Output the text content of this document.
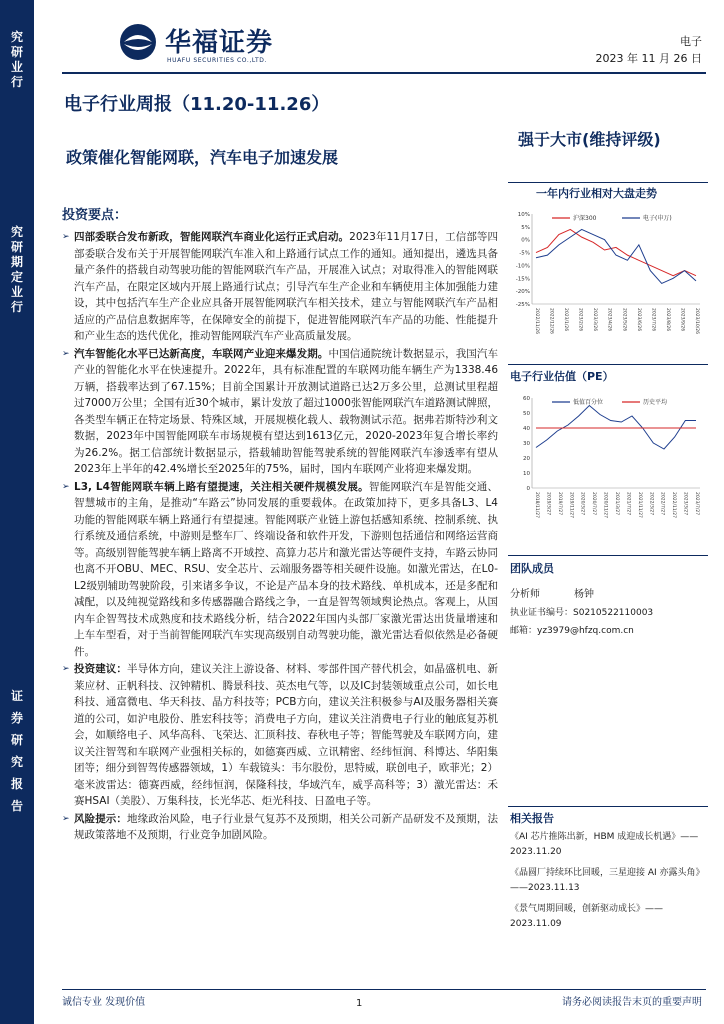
究
研
业
行
究
研
期
定
业
行
证
券
研
究
报
告
华福证券
HUAFU SECURITIES CO.,LTD.
电子
2023 年 11 月 26 日
电子行业周报（11.20-11.26）
政策催化智能网联，汽车电子加速发展
强于大市(维持评级)
投资要点：
➢ 四部委联合发布新政，智能网联汽车商业化运行正式启动。2023年11月17日，工信部等四部委联合发布关于开展智能网联汽车准入和上路通行试点工作的通知。通知提出，遴选具备量产条件的搭载自动驾驶功能的智能网联汽车产品，开展准入试点；对取得准入的智能网联汽车产品，在限定区域内开展上路通行试点；引导汽车生产企业和车辆使用主体加强能力建设，其中包括汽车生产企业应具备开展智能网联汽车相关技术，建立与智能网联汽车产品相适应的产品信息数据库等，在保障安全的前提下，促进智能网联汽车产品的功能、性能提升和产业生态的迭代优化，推动智能网联汽车产业高质量发展。
➢ 汽车智能化水平已达新高度，车联网产业迎来爆发期。中国信通院统计数据显示，我国汽车产业的智能化水平在快速提升。2022年，具有标准配置的车联网功能车辆生产为1338.46万辆，搭载率达到了67.15%；目前全国累计开放测试道路已达2万多公里，总测试里程超过7000万公里；全国有近30个城市，累计发放了超过1000张智能网联汽车道路测试牌照，各类型车辆正在特定场景、特殊区域，开展规模化载人、载物测试示范。据弗若斯特沙利文数据，2023年中国智能网联车市场规模有望达到1613亿元，2020-2023年复合增长率约为26.2%。据工信部统计数据显示，搭载辅助智能驾驶系统的智能网联汽车渗透率有望从2023年上半年的42.4%增长至2025年的75%，届时，国内车联网产业将迎来爆发期。
➢ L3, L4智能网联车辆上路有望提速，关注相关硬件规模发展。智能网联汽车是智能交通、智慧城市的主角，是推动“车路云”协同发展的重要载体。在政策加持下，更多具备L3、L4功能的智能网联车辆上路通行有望提速。智能网联产业链上游包括感知系统、控制系统、执行系统及通信系统，中游则是整车厂、终端设备和软件开发，下游则包括通信和网络运营商等。高级别智能驾驶车辆上路离不开域控、高算力芯片和激光雷达等硬件支持，车路云协同也离不开OBU、MEC、RSU、安全芯片、云端服务器等相关硬件设施。如激光雷达，在L0-L2级别辅助驾驶阶段，引来诸多争议，不论是产品本身的技术路线、单机成本，还是多配和减配，以及纯视觉路线和多传感器融合路线之争，一直是智驾领域舆论热点。客观上，从国内车企智驾技术成熟度和技术路线分析，结合2022年国内头部厂家激光雷达出货量增速和上车车型看，对于当前智能网联汽车实现高级别自动驾驶功能，激光雷达看似依然是必备硬件。
➢ 投资建议：半导体方向，建议关注上游设备、材料、零部件国产替代机会，如晶盛机电、新莱应材、正帆科技、汉钟精机、腾景科技、英杰电气等，以及IC封装领域重点公司，如长电科技、通富微电、华天科技、晶方科技等；PCB方向，建议关注积极参与AI及服务器相关赛道的公司，如沪电股份、胜宏科技等；消费电子方向，建议关注消费电子行业的触底复苏机会，如顺络电子、风华高科、飞荣达、汇顶科技、春秋电子等；智能驾驶及车联网方向，建议关注智驾和车联网产业强相关标的，如德赛西威、立讯精密、经纬恒润、科博达、华阳集团等；细分到智驾传感器领域，1）车载镜头：韦尔股份，思特威，联创电子，欧菲光；2）毫米波雷达：德赛西威，经纬恒润，保隆科技，华域汽车，威孚高科等；3）激光雷达：禾赛HSAI（美股）、万集科技，长光华芯、炬光科技、日盈电子等。
➢ 风险提示：地缘政治风险，电子行业景气复苏不及预期，相关公司新产品研发不及预期，法规政策落地不及预期，行业竞争加剧风险。
一年内行业相对大盘走势
10%
5%
0%
-5%
-10%
-15%
-20%
-25%
2022/11/26 2022/12/26 2023/1/26 2023/2/26 2023/3/26 2023/4/26 2023/5/26 2023/6/26 2023/7/26 2023/8/26 2023/9/26 2023/10/26
沪深300	电子(申万)
电子行业估值（PE）
60
50
40
30
20
10
0
2018/11/27 2019/3/27 2019/7/27 2019/11/27 2020/3/27 2020/7/27 2020/11/27 2021/3/27 2021/7/27 2021/11/27 2022/3/27 2022/7/27 2022/11/27 2023/3/27 2023/7/27
低值百分位	历史平均
团队成员
分析师	杨钟
执业证书编号：S0210522110003
邮箱：yz3979@hfzq.com.cn
相关报告
《AI 芯片推陈出新，HBM 成迎成长机遇》——
2023.11.20
《晶圆厂持续环比回暖，三星迎接 AI 亦露头角》
——2023.11.13
《景气周期回暖，创新驱动成长》——2023.11.09
诚信专业 发现价值	1	请务必阅读报告末页的重要声明
